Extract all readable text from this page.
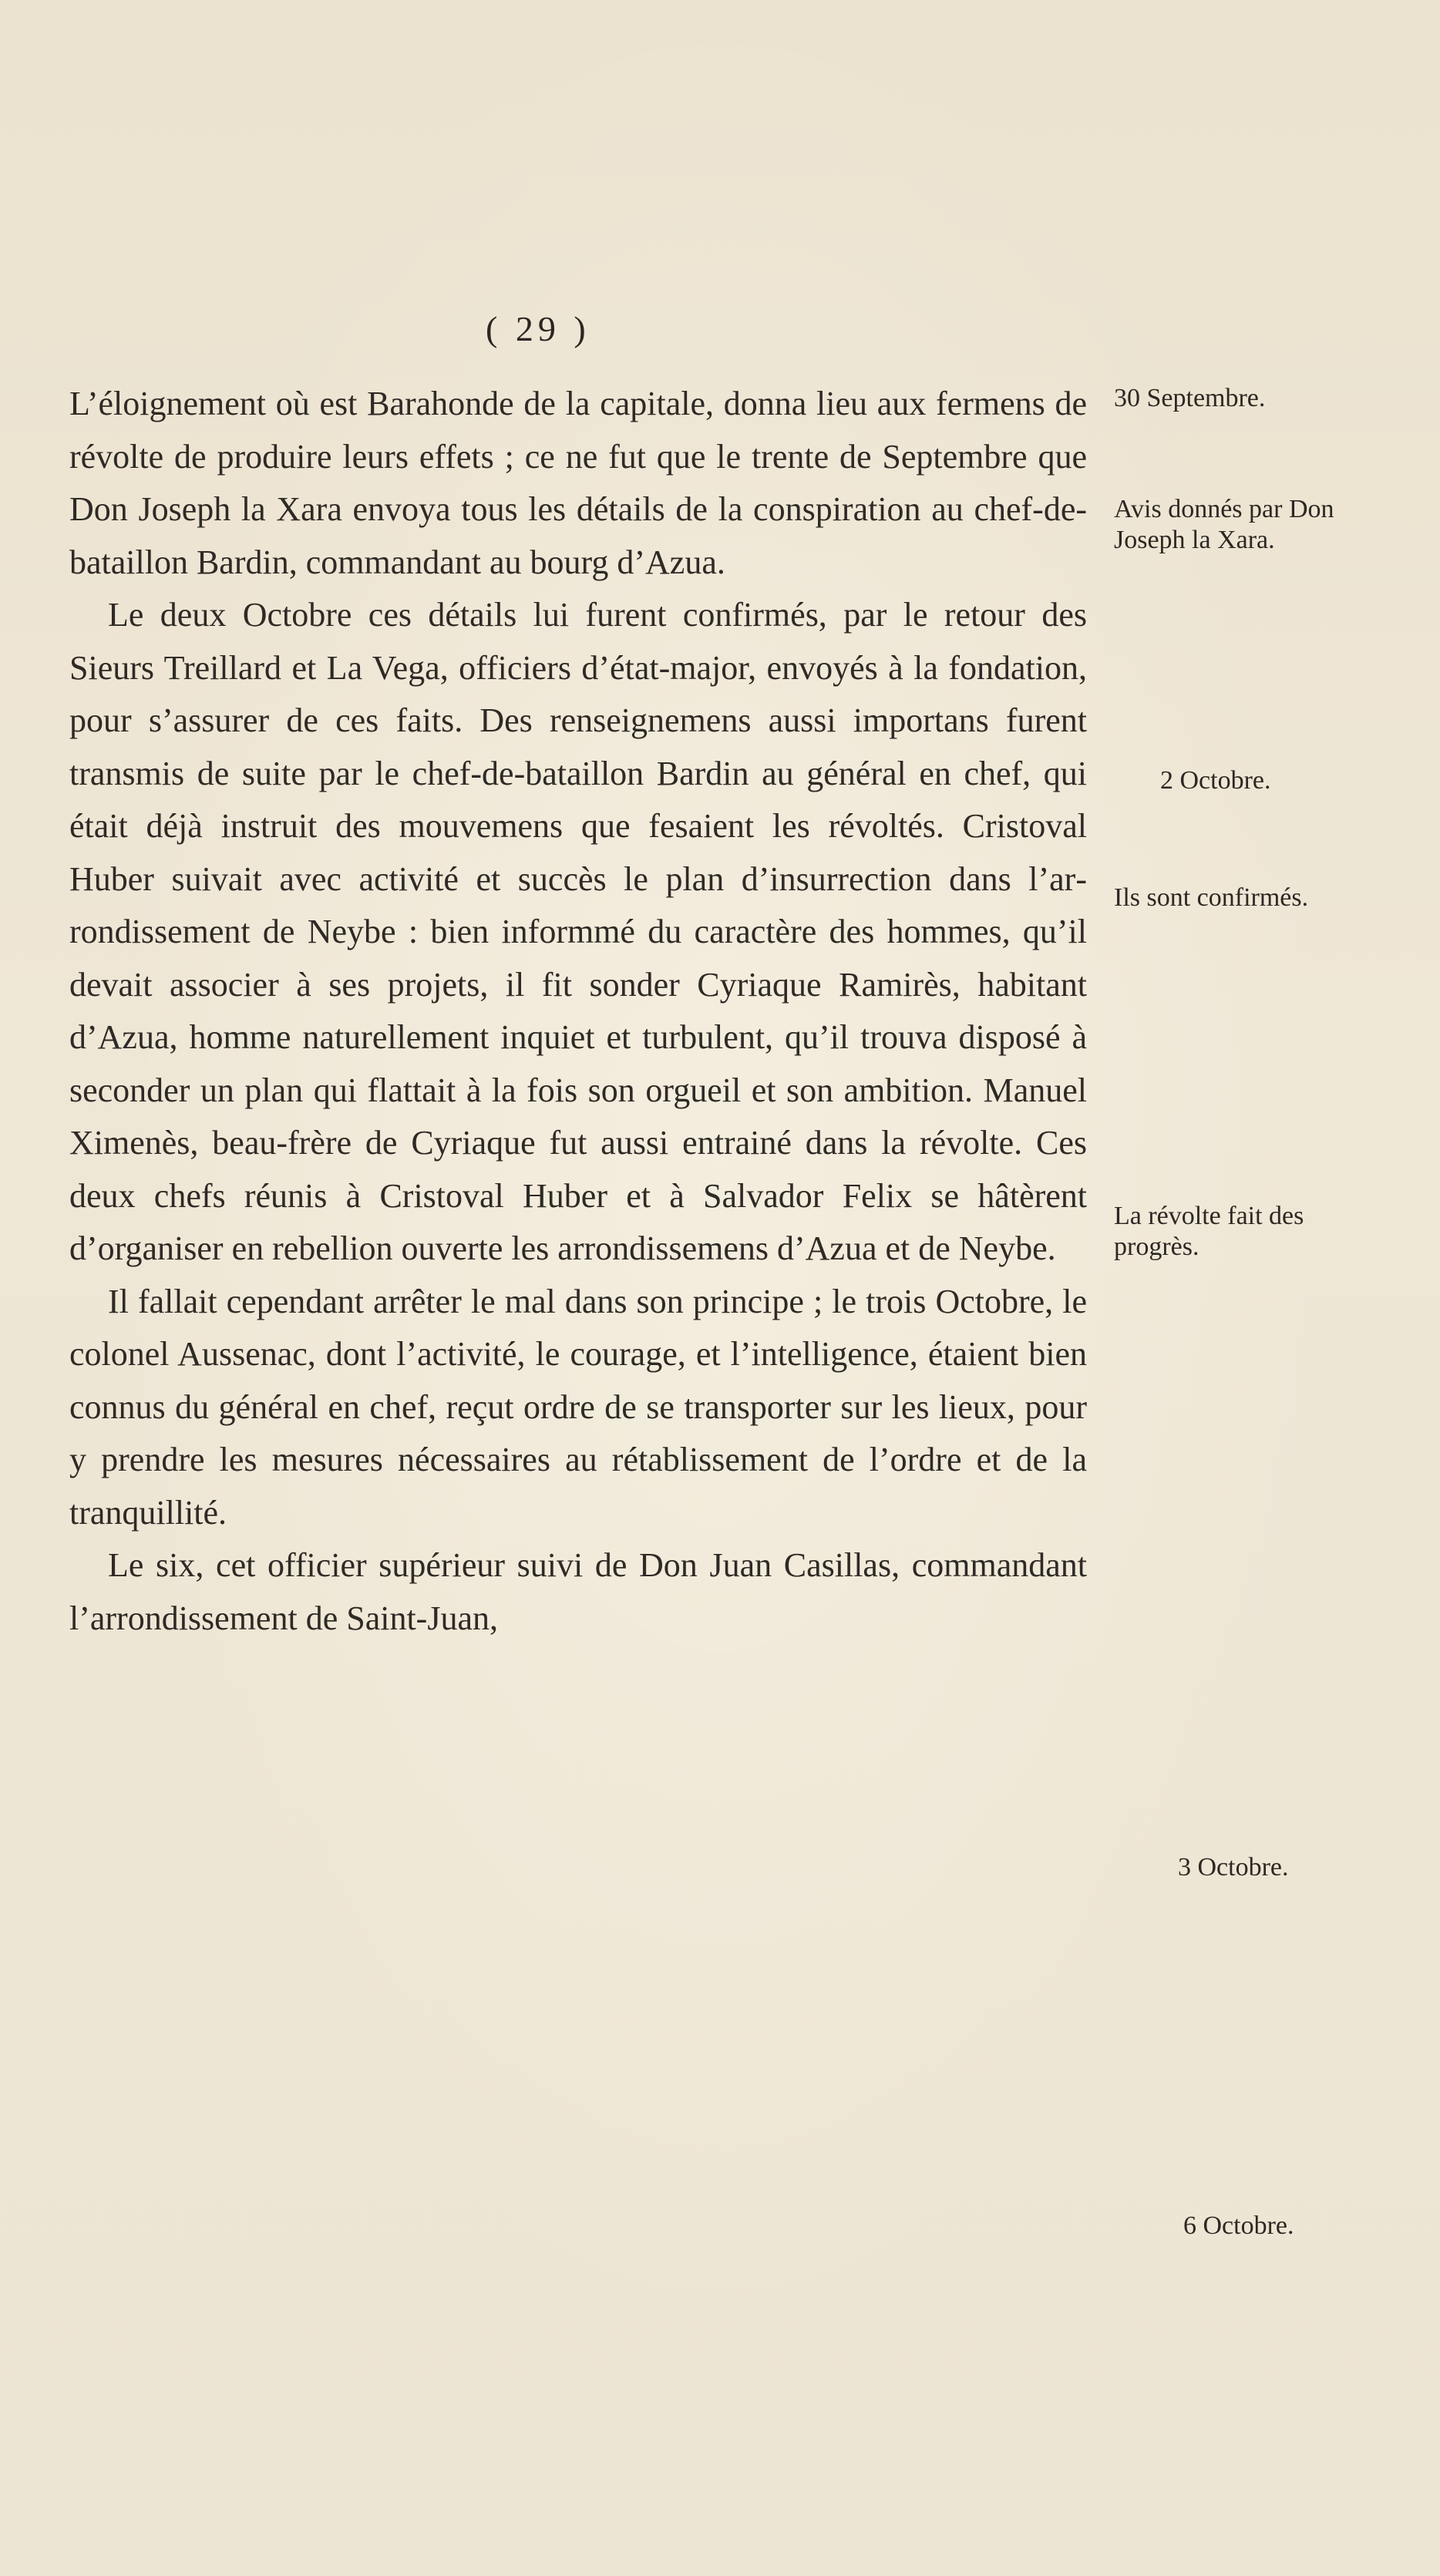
( 29 )

L’éloignement où est Barahonde de la capitale, donna lieu aux fermens de révolte de produire leurs effets ; ce ne fut que le trente de Septembre que Don Joseph la Xara envoya tous les détails de la conspiration au chef-de-bataillon Bardin, commandant au bourg d’Azua.

Le deux Octobre ces détails lui furent confirmés, par le retour des Sieurs Treillard et La Vega, officiers d’état-major, envoyés à la fondation, pour s’assurer de ces faits. Des renseignemens aussi importans furent transmis de suite par le chef-de-bataillon Bardin au général en chef, qui était déjà instruit des mouvemens que fesaient les révoltés. Cristoval Huber suivait avec activité et succès le plan d’insurrection dans l’arrondissement de Neybe : bien informmé du caractère des hommes, qu’il devait associer à ses projets, il fit sonder Cyriaque Ramirès, habitant d’Azua, homme naturellement inquiet et turbulent, qu’il trouva disposé à seconder un plan qui flattait à la fois son orgueil et son ambition. Manuel Ximenès, beau-frère de Cyriaque fut aussi entrainé dans la révolte. Ces deux chefs réunis à Cristoval Huber et à Salvador Felix se hâtèrent d’organiser en rebellion ouverte les arrondissemens d’Azua et de Neybe.

Il fallait cependant arrêter le mal dans son principe ; le trois Octobre, le colonel Aussenac, dont l’activité, le courage, et l’intelligence, étaient bien connus du général en chef, reçut ordre de se transporter sur les lieux, pour y prendre les mesures nécessaires au rétablissement de l’ordre et de la tranquillité.

Le six, cet officier supérieur suivi de Don Juan Casillas, commandant l’arrondissement de Saint-Juan,

30 Septembre.
Avis donnés par Don Joseph la Xara.
2 Octobre.
Ils sont confirmés.
La révolte fait des progrès.
3 Octobre.
6 Octobre.
